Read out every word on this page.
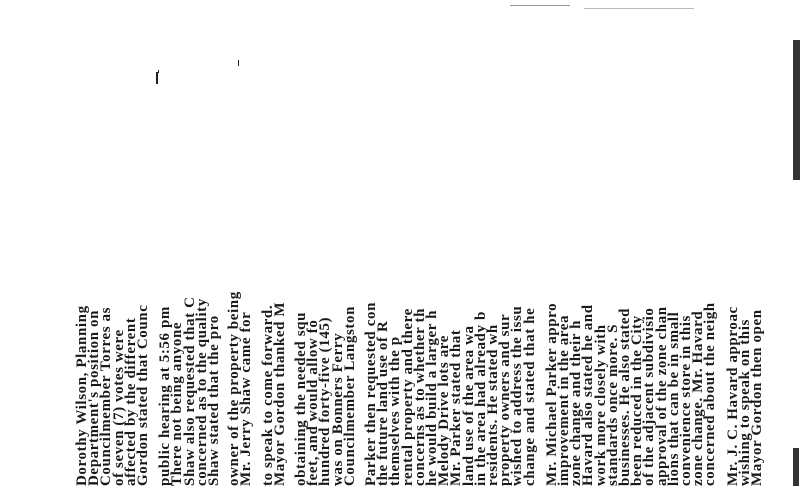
Dorothy Wilson, Planning
Department's position on
Councilmember Torres as
of seven (7) votes were
affected by the different
Gordon stated that Counc public hearing at 5:56 pm
There not being anyone
Shaw also requested that C
concerned as to the quality
Shaw stated that the pro owner of the property being
Mr. Jerry Shaw came for to speak to come forward.
Mayor Gordon thanked M obtaining the needed squ
feet, and would allow fo
hundred forty-five (145)
was on Bonners Ferry
Councilmember Langston Parker then requested con
the future land use of R
themselves with the p
rental property and there
concerns as to whether th
he would build a larger h
Melody Drive lots are
Mr. Parker stated that
land use of the area wa
in the area had already b
residents. He stated wh
property owners and sur
wished to address the issu
change and stated that he Mr. Michael Parker appro
improvement in the area
zone change and their h
Havard also stated he and
work more closely with
standards once more. S
businesses. He also stated
been reduced in the City
of the adjacent subdivisio
approval of the zone chan
lions that can be in small
convenience store in this
zone change. Mr. Havard
concerned about the neigh Mr. J. C. Havard approac
wishing to speak on this
Mayor Gordon then open
